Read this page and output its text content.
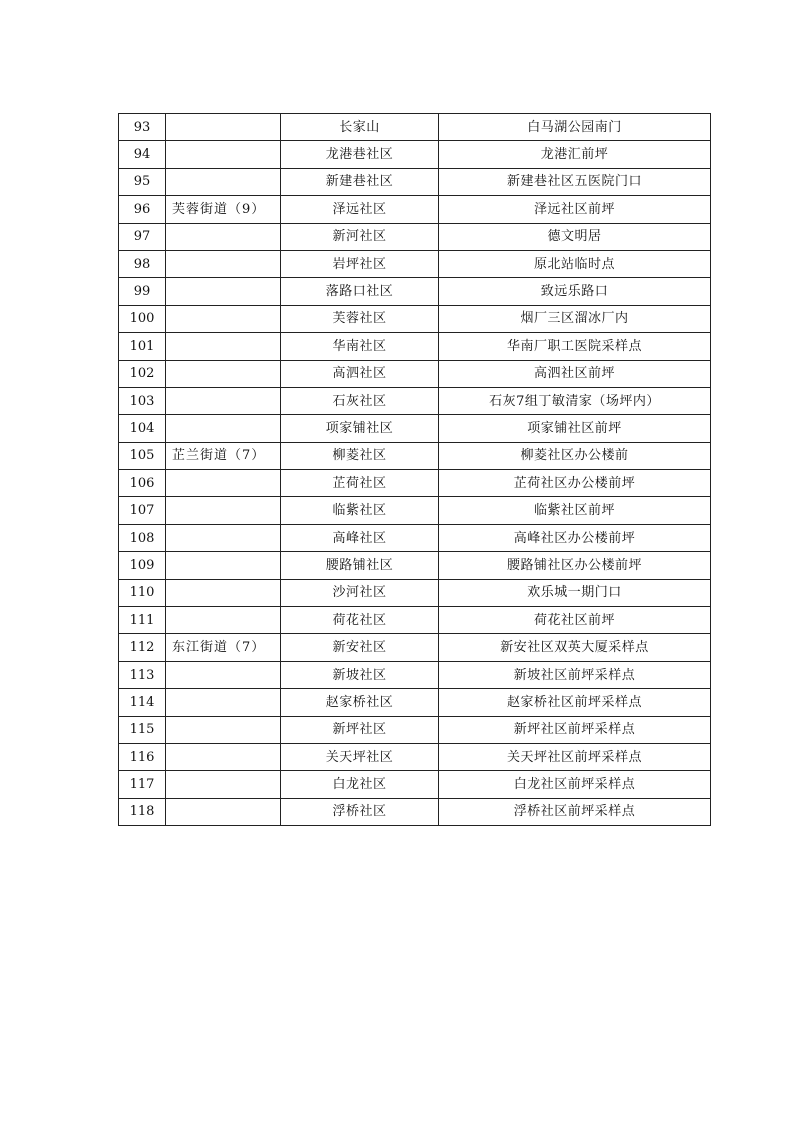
93		长家山	白马湖公园南门
94		龙港巷社区	龙港汇前坪
95		新建巷社区	新建巷社区五医院门口
96	芙蓉街道（9）	泽远社区	泽远社区前坪
97		新河社区	德文明居
98		岩坪社区	原北站临时点
99		落路口社区	致远乐路口
100		芙蓉社区	烟厂三区溜冰厂内
101		华南社区	华南厂职工医院采样点
102		高泗社区	高泗社区前坪
103		石灰社区	石灰7组丁敏清家（场坪内）
104		项家铺社区	项家铺社区前坪
105	芷兰街道（7）	柳菱社区	柳菱社区办公楼前
106		芷荷社区	芷荷社区办公楼前坪
107		临紫社区	临紫社区前坪
108		高峰社区	高峰社区办公楼前坪
109		腰路铺社区	腰路铺社区办公楼前坪
110		沙河社区	欢乐城一期门口
111		荷花社区	荷花社区前坪
112	东江街道（7）	新安社区	新安社区双英大厦采样点
113		新坡社区	新坡社区前坪采样点
114		赵家桥社区	赵家桥社区前坪采样点
115		新坪社区	新坪社区前坪采样点
116		关天坪社区	关天坪社区前坪采样点
117		白龙社区	白龙社区前坪采样点
118		浮桥社区	浮桥社区前坪采样点
